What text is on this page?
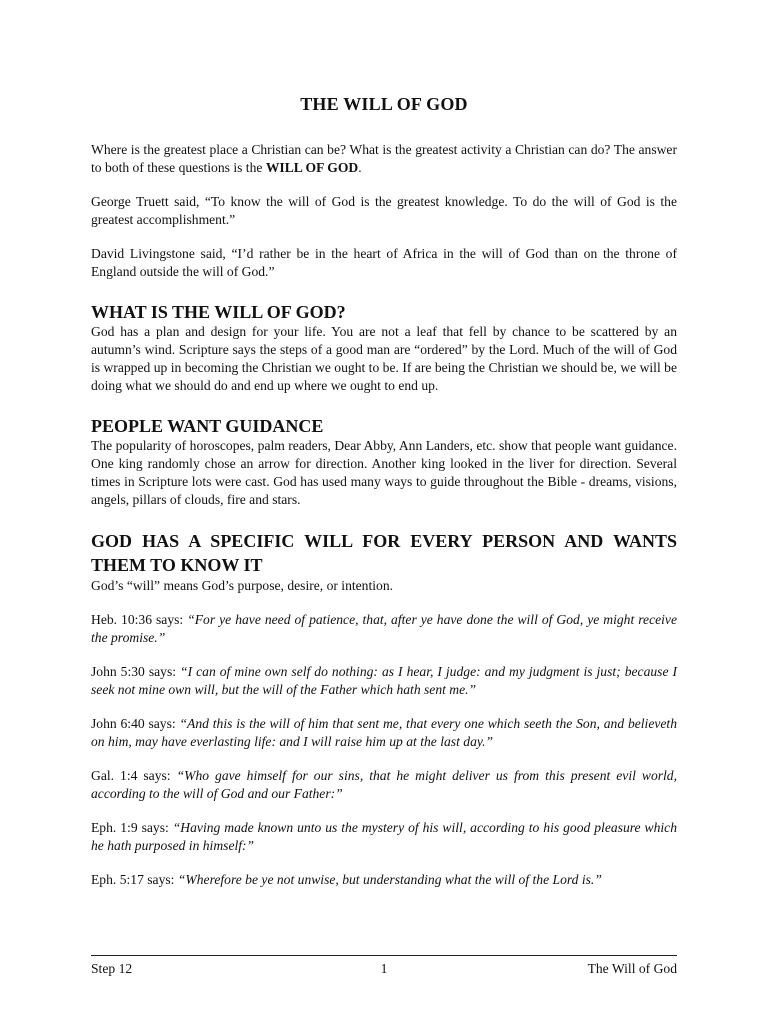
THE WILL OF GOD

Where is the greatest place a Christian can be? What is the greatest activity a Christian can do? The answer to both of these questions is the WILL OF GOD.

George Truett said, “To know the will of God is the greatest knowledge. To do the will of God is the greatest accomplishment.”

David Livingstone said, “I’d rather be in the heart of Africa in the will of God than on the throne of England outside the will of God.”

WHAT IS THE WILL OF GOD?

God has a plan and design for your life. You are not a leaf that fell by chance to be scattered by an autumn’s wind. Scripture says the steps of a good man are “ordered” by the Lord. Much of the will of God is wrapped up in becoming the Christian we ought to be. If are being the Christian we should be, we will be doing what we should do and end up where we ought to end up.

PEOPLE WANT GUIDANCE

The popularity of horoscopes, palm readers, Dear Abby, Ann Landers, etc. show that people want guidance. One king randomly chose an arrow for direction. Another king looked in the liver for direction. Several times in Scripture lots were cast. God has used many ways to guide throughout the Bible - dreams, visions, angels, pillars of clouds, fire and stars.

GOD HAS A SPECIFIC WILL FOR EVERY PERSON AND WANTS THEM TO KNOW IT

God’s “will” means God’s purpose, desire, or intention.

Heb. 10:36 says: “For ye have need of patience, that, after ye have done the will of God, ye might receive the promise.”

John 5:30 says: “I can of mine own self do nothing: as I hear, I judge: and my judgment is just; because I seek not mine own will, but the will of the Father which hath sent me.”

John 6:40 says: “And this is the will of him that sent me, that every one which seeth the Son, and believeth on him, may have everlasting life: and I will raise him up at the last day.”

Gal. 1:4 says: “Who gave himself for our sins, that he might deliver us from this present evil world, according to the will of God and our Father:”

Eph. 1:9 says: “Having made known unto us the mystery of his will, according to his good pleasure which he hath purposed in himself:”

Eph. 5:17 says: “Wherefore be ye not unwise, but understanding what the will of the Lord is.”

Step 12	1	The Will of God
